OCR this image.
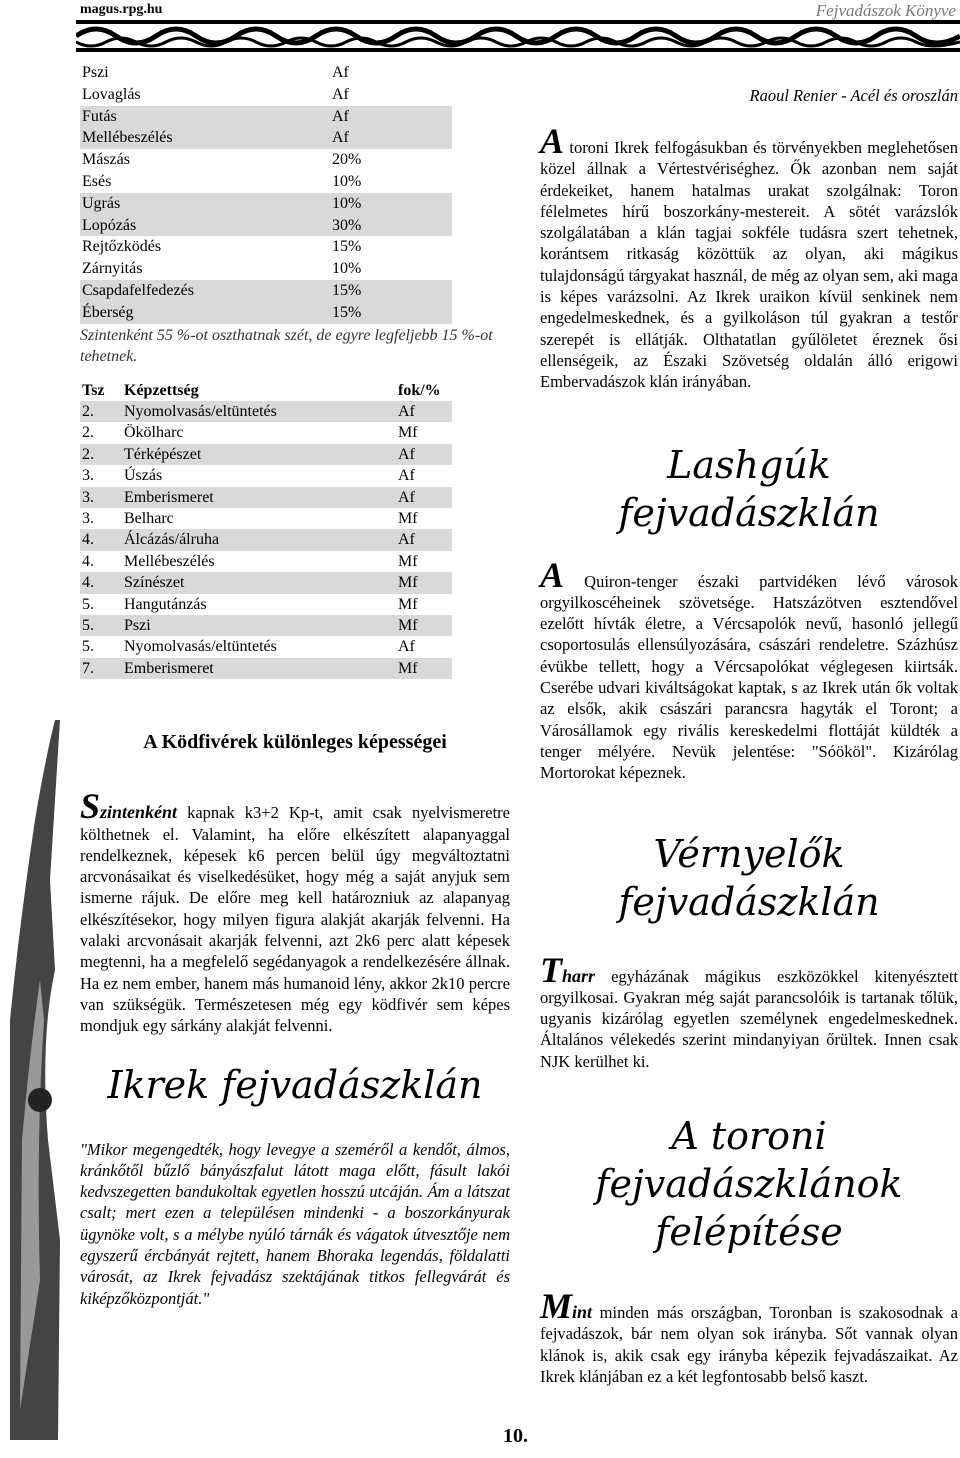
magus.rpg.hu	Fejvadászok Könyve
Pszi	Af
Lovaglás	Af
Futás	Af
Mellébeszélés	Af
Mászás	20%
Esés	10%
Ugrás	10%
Lopózás	30%
Rejtőzködés	15%
Zárnyitás	10%
Csapdafelfedezés	15%
Éberség	15%
Szintenként 55 %-ot oszthatnak szét, de egyre legfeljebb 15 %-ot tehetnek.
Tsz	Képzettség	fok/%
2.	Nyomolvasás/eltüntetés	Af
2.	Ökölharc	Mf
2.	Térképészet	Af
3.	Úszás	Af
3.	Emberismeret	Af
3.	Belharc	Mf
4.	Álcázás/álruha	Af
4.	Mellébeszélés	Mf
4.	Színészet	Mf
5.	Hangutánzás	Mf
5.	Pszi	Mf
5.	Nyomolvasás/eltüntetés	Af
7.	Emberismeret	Mf
A Ködfivérek különleges képességei

Szintenként kapnak k3+2 Kp-t, amit csak nyelvismeretre költhetnek el. Valamint, ha előre elkészített alapanyaggal rendelkeznek, képesek k6 percen belül úgy megváltoztatni arcvonásaikat és viselkedésüket, hogy még a saját anyjuk sem ismerne rájuk. De előre meg kell határozniuk az alapanyag elkészítésekor, hogy milyen figura alakját akarják felvenni. Ha valaki arcvonásait akarják felvenni, azt 2k6 perc alatt képesek megtenni, ha a megfelelő segédanyagok a rendelkezésére állnak. Ha ez nem ember, hanem más humanoid lény, akkor 2k10 percre van szükségük. Természetesen még egy ködfivér sem képes mondjuk egy sárkány alakját felvenni.

Ikrek fejvadászklán

"Mikor megengedték, hogy levegye a szeméről a kendőt, álmos, kránkőtől bűzlő bányászfalut látott maga előtt, fásult lakói kedvszegetten bandukoltak egyetlen hosszú utcáján. Ám a látszat csalt; mert ezen a településen mindenki - a boszorkányurak ügynöke volt, s a mélybe nyúló tárnák és vágatok útvesztője nem egyszerű ércbányát rejtett, hanem Bhoraka legendás, földalatti városát, az Ikrek fejvadász szektájának titkos fellegvárát és kiképzőközpontját."

Raoul Renier - Acél és oroszlán

A toroni Ikrek felfogásukban és törvényekben meglehetősen közel állnak a Vértestvériséghez. Ők azonban nem saját érdekeiket, hanem hatalmas urakat szolgálnak: Toron félelmetes hírű boszorkány-mestereit. A sötét varázslók szolgálatában a klán tagjai sokféle tudásra szert tehetnek, korántsem ritkaság közöttük az olyan, aki mágikus tulajdonságú tárgyakat használ, de még az olyan sem, aki maga is képes varázsolni. Az Ikrek uraikon kívül senkinek nem engedelmeskednek, és a gyilkoláson túl gyakran a testőr szerepét is ellátják. Olthatatlan gyűlöletet éreznek ősi ellenségeik, az Északi Szövetség oldalán álló erigowi Embervadászok klán irányában.

Lashgúk fejvadászklán

A Quiron-tenger északi partvidéken lévő városok orgyilkoscéheinek szövetsége. Hatszázötven esztendővel ezelőtt hívták életre, a Vércsapolók nevű, hasonló jellegű csoportosulás ellensúlyozására, császári rendeletre. Százhúsz évükbe tellett, hogy a Vércsapolókat véglegesen kiirtsák. Cserébe udvari kiváltságokat kaptak, s az Ikrek után ők voltak az elsők, akik császári parancsra hagyták el Toront; a Városállamok egy rivális kereskedelmi flottáját küldték a tenger mélyére. Nevük jelentése: "Sóököl". Kizárólag Mortorokat képeznek.

Vérnyelők fejvadászklán

Tharr egyházának mágikus eszközökkel kitenyésztett orgyilkosai. Gyakran még saját parancsolóik is tartanak tőlük, ugyanis kizárólag egyetlen személynek engedelmeskednek. Általános vélekedés szerint mindanyiyan őrültek. Innen csak NJK kerülhet ki.

A toroni fejvadászklánok felépítése

Mint minden más országban, Toronban is szakosodnak a fejvadászok, bár nem olyan sok irányba. Sőt vannak olyan klánok is, akik csak egy irányba képezik fejvadászaikat. Az Ikrek klánjában ez a két legfontosabb belső kaszt.

10.
